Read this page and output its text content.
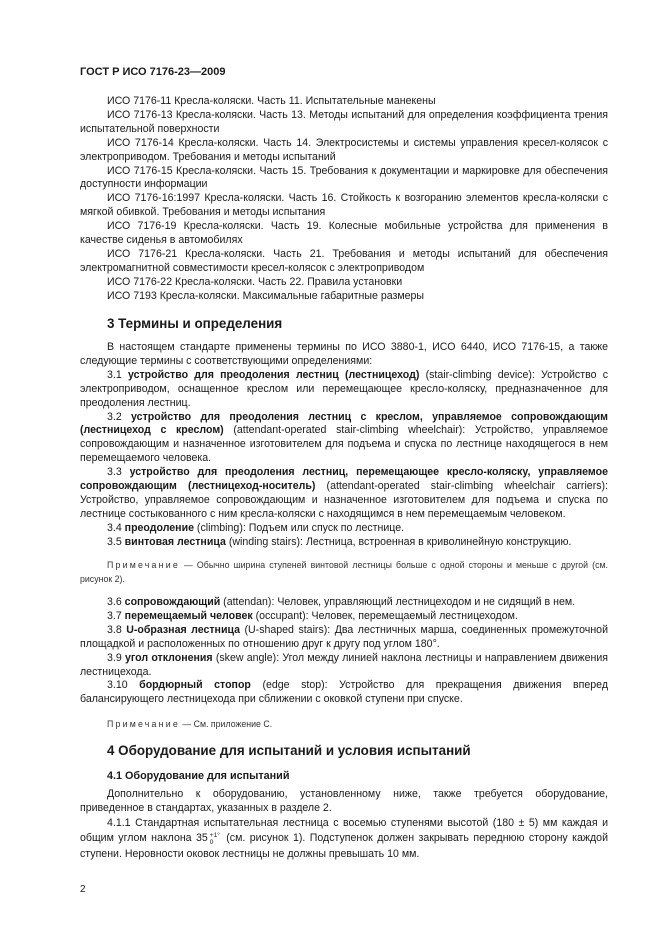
ГОСТ Р ИСО 7176-23—2009

ИСО 7176-11 Кресла-коляски. Часть 11. Испытательные манекены

ИСО 7176-13 Кресла-коляски. Часть 13. Методы испытаний для определения коэффициента трения испытательной поверхности

ИСО 7176-14 Кресла-коляски. Часть 14. Электросистемы и системы управления кресел-колясок с электроприводом. Требования и методы испытаний

ИСО 7176-15 Кресла-коляски. Часть 15. Требования к документации и маркировке для обеспечения доступности информации

ИСО 7176-16:1997 Кресла-коляски. Часть 16. Стойкость к возгоранию элементов кресла-коляски с мягкой обивкой. Требования и методы испытания

ИСО 7176-19 Кресла-коляски. Часть 19. Колесные мобильные устройства для применения в качестве сиденья в автомобилях

ИСО 7176-21 Кресла-коляски. Часть 21. Требования и методы испытаний для обеспечения электромагнитной совместимости кресел-колясок с электроприводом

ИСО 7176-22 Кресла-коляски. Часть 22. Правила установки

ИСО 7193 Кресла-коляски. Максимальные габаритные размеры

3 Термины и определения

В настоящем стандарте применены термины по ИСО 3880-1, ИСО 6440, ИСО 7176-15, а также следующие термины с соответствующими определениями:

3.1 устройство для преодоления лестниц (лестницеход) (stair-climbing device): Устройство с электроприводом, оснащенное креслом или перемещающее кресло-коляску, предназначенное для преодоления лестниц.

3.2 устройство для преодоления лестниц с креслом, управляемое сопровождающим (лестницеход с креслом) (attendant-operated stair-climbing wheelchair): Устройство, управляемое сопровождающим и назначенное изготовителем для подъема и спуска по лестнице находящегося в нем перемещаемого человека.

3.3 устройство для преодоления лестниц, перемещающее кресло-коляску, управляемое сопровождающим (лестницеход-носитель) (attendant-operated stair-climbing wheelchair carriers): Устройство, управляемое сопровождающим и назначенное изготовителем для подъема и спуска по лестнице состыкованного с ним кресла-коляски с находящимся в нем перемещаемым человеком.

3.4 преодоление (climbing): Подъем или спуск по лестнице.

3.5 винтовая лестница (winding stairs): Лестница, встроенная в криволинейную конструкцию.

Примечание — Обычно ширина ступеней винтовой лестницы больше с одной стороны и меньше с другой (см. рисунок 2).

3.6 сопровождающий (attendan): Человек, управляющий лестницеходом и не сидящий в нем.

3.7 перемещаемый человек (occupant): Человек, перемещаемый лестницеходом.

3.8 U-образная лестница (U-shaped stairs): Два лестничных марша, соединенных промежуточной площадкой и расположенных по отношению друг к другу под углом 180°.

3.9 угол отклонения (skew angle): Угол между линией наклона лестницы и направлением движения лестницехода.

3.10 бордюрный стопор (edge stop): Устройство для прекращения движения вперед балансирующего лестницехода при сближении с оковкой ступени при спуске.

Примечание — См. приложение С.

4 Оборудование для испытаний и условия испытаний

4.1 Оборудование для испытаний

Дополнительно к оборудованию, установленному ниже, также требуется оборудование, приведенное в стандартах, указанных в разделе 2.

4.1.1 Стандартная испытательная лестница с восемью ступенями высотой (180 ± 5) мм каждая и общим углом наклона 35 +1°
0 (см. рисунок 1). Подступенок должен закрывать переднюю сторону каждой ступени. Неровности оковок лестницы не должны превышать 10 мм.

2
